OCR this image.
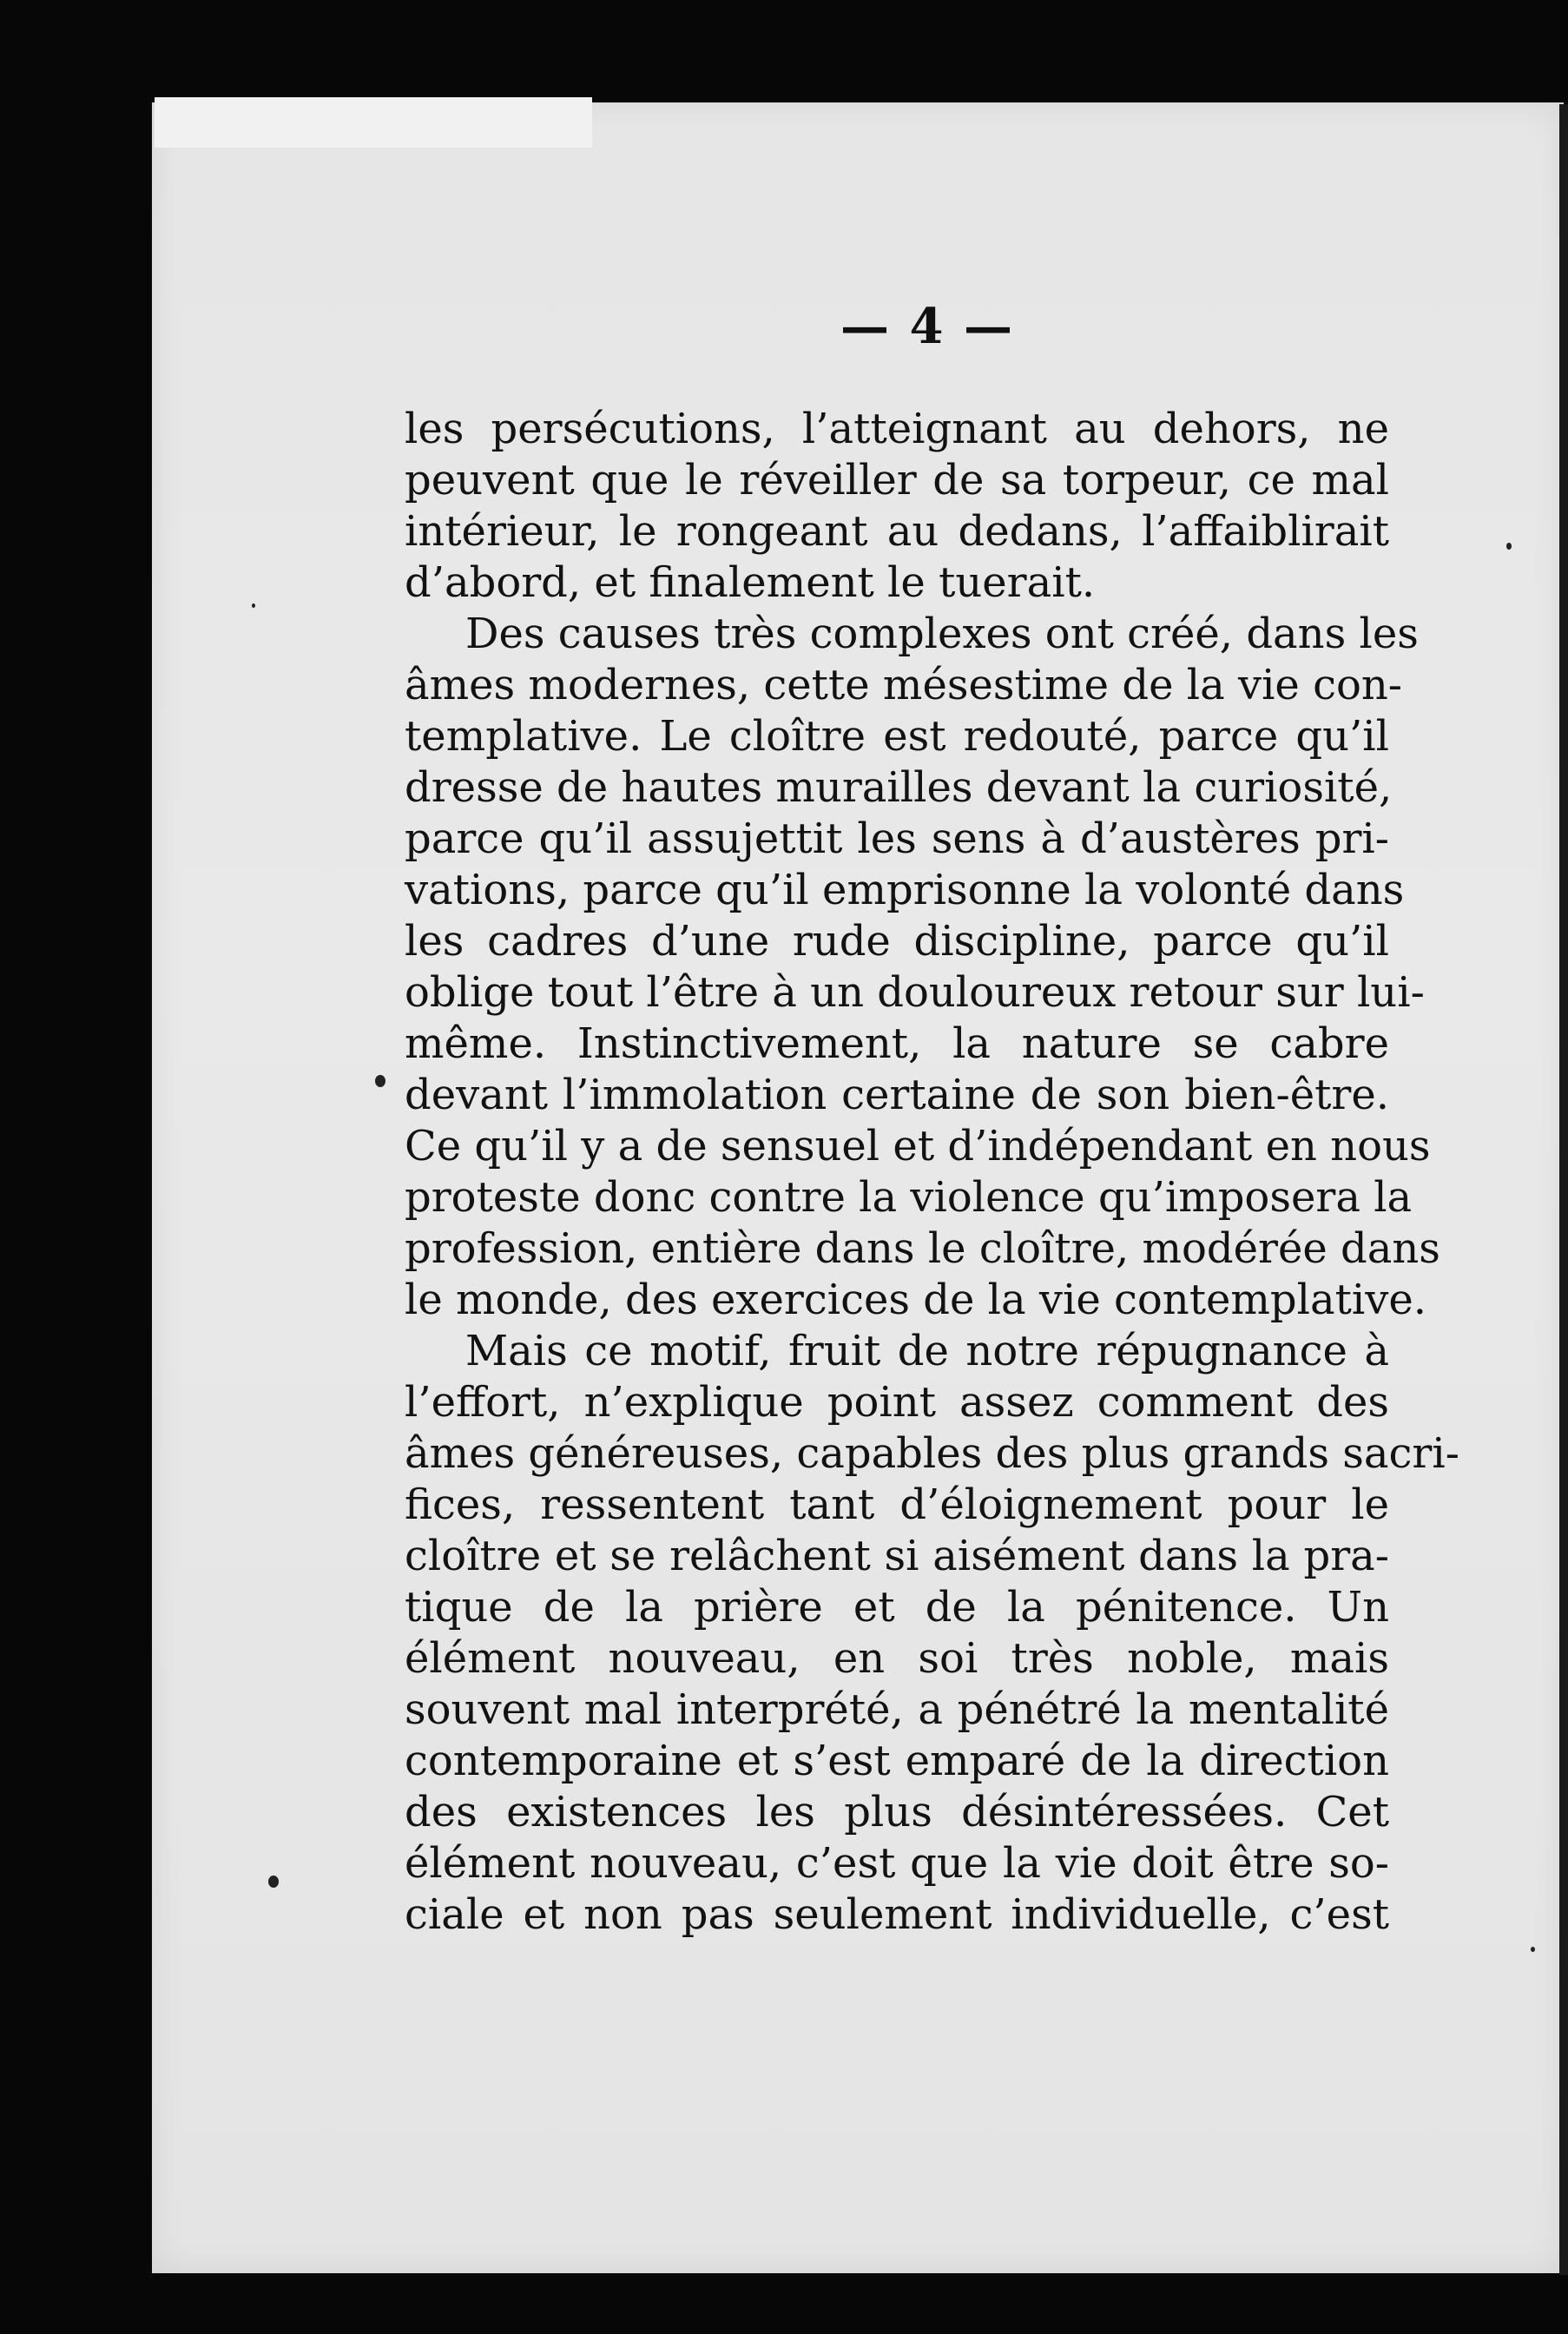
— 4 —
les persécutions, l’atteignant au dehors, ne
peuvent que le réveiller de sa torpeur, ce mal
intérieur, le rongeant au dedans, l’affaiblirait
d’abord, et finalement le tuerait.
Des causes très complexes ont créé, dans les
âmes modernes, cette mésestime de la vie con-
templative. Le cloître est redouté, parce qu’il
dresse de hautes murailles devant la curiosité,
parce qu’il assujettit les sens à d’austères pri-
vations, parce qu’il emprisonne la volonté dans
les cadres d’une rude discipline, parce qu’il
oblige tout l’être à un douloureux retour sur lui-
même. Instinctivement, la nature se cabre
devant l’immolation certaine de son bien-être.
Ce qu’il y a de sensuel et d’indépendant en nous
proteste donc contre la violence qu’imposera la
profession, entière dans le cloître, modérée dans
le monde, des exercices de la vie contemplative.
Mais ce motif, fruit de notre répugnance à
l’effort, n’explique point assez comment des
âmes généreuses, capables des plus grands sacri-
fices, ressentent tant d’éloignement pour le
cloître et se relâchent si aisément dans la pra-
tique de la prière et de la pénitence. Un
élément nouveau, en soi très noble, mais
souvent mal interprété, a pénétré la mentalité
contemporaine et s’est emparé de la direction
des existences les plus désintéressées. Cet
élément nouveau, c’est que la vie doit être so-
ciale et non pas seulement individuelle, c’est
